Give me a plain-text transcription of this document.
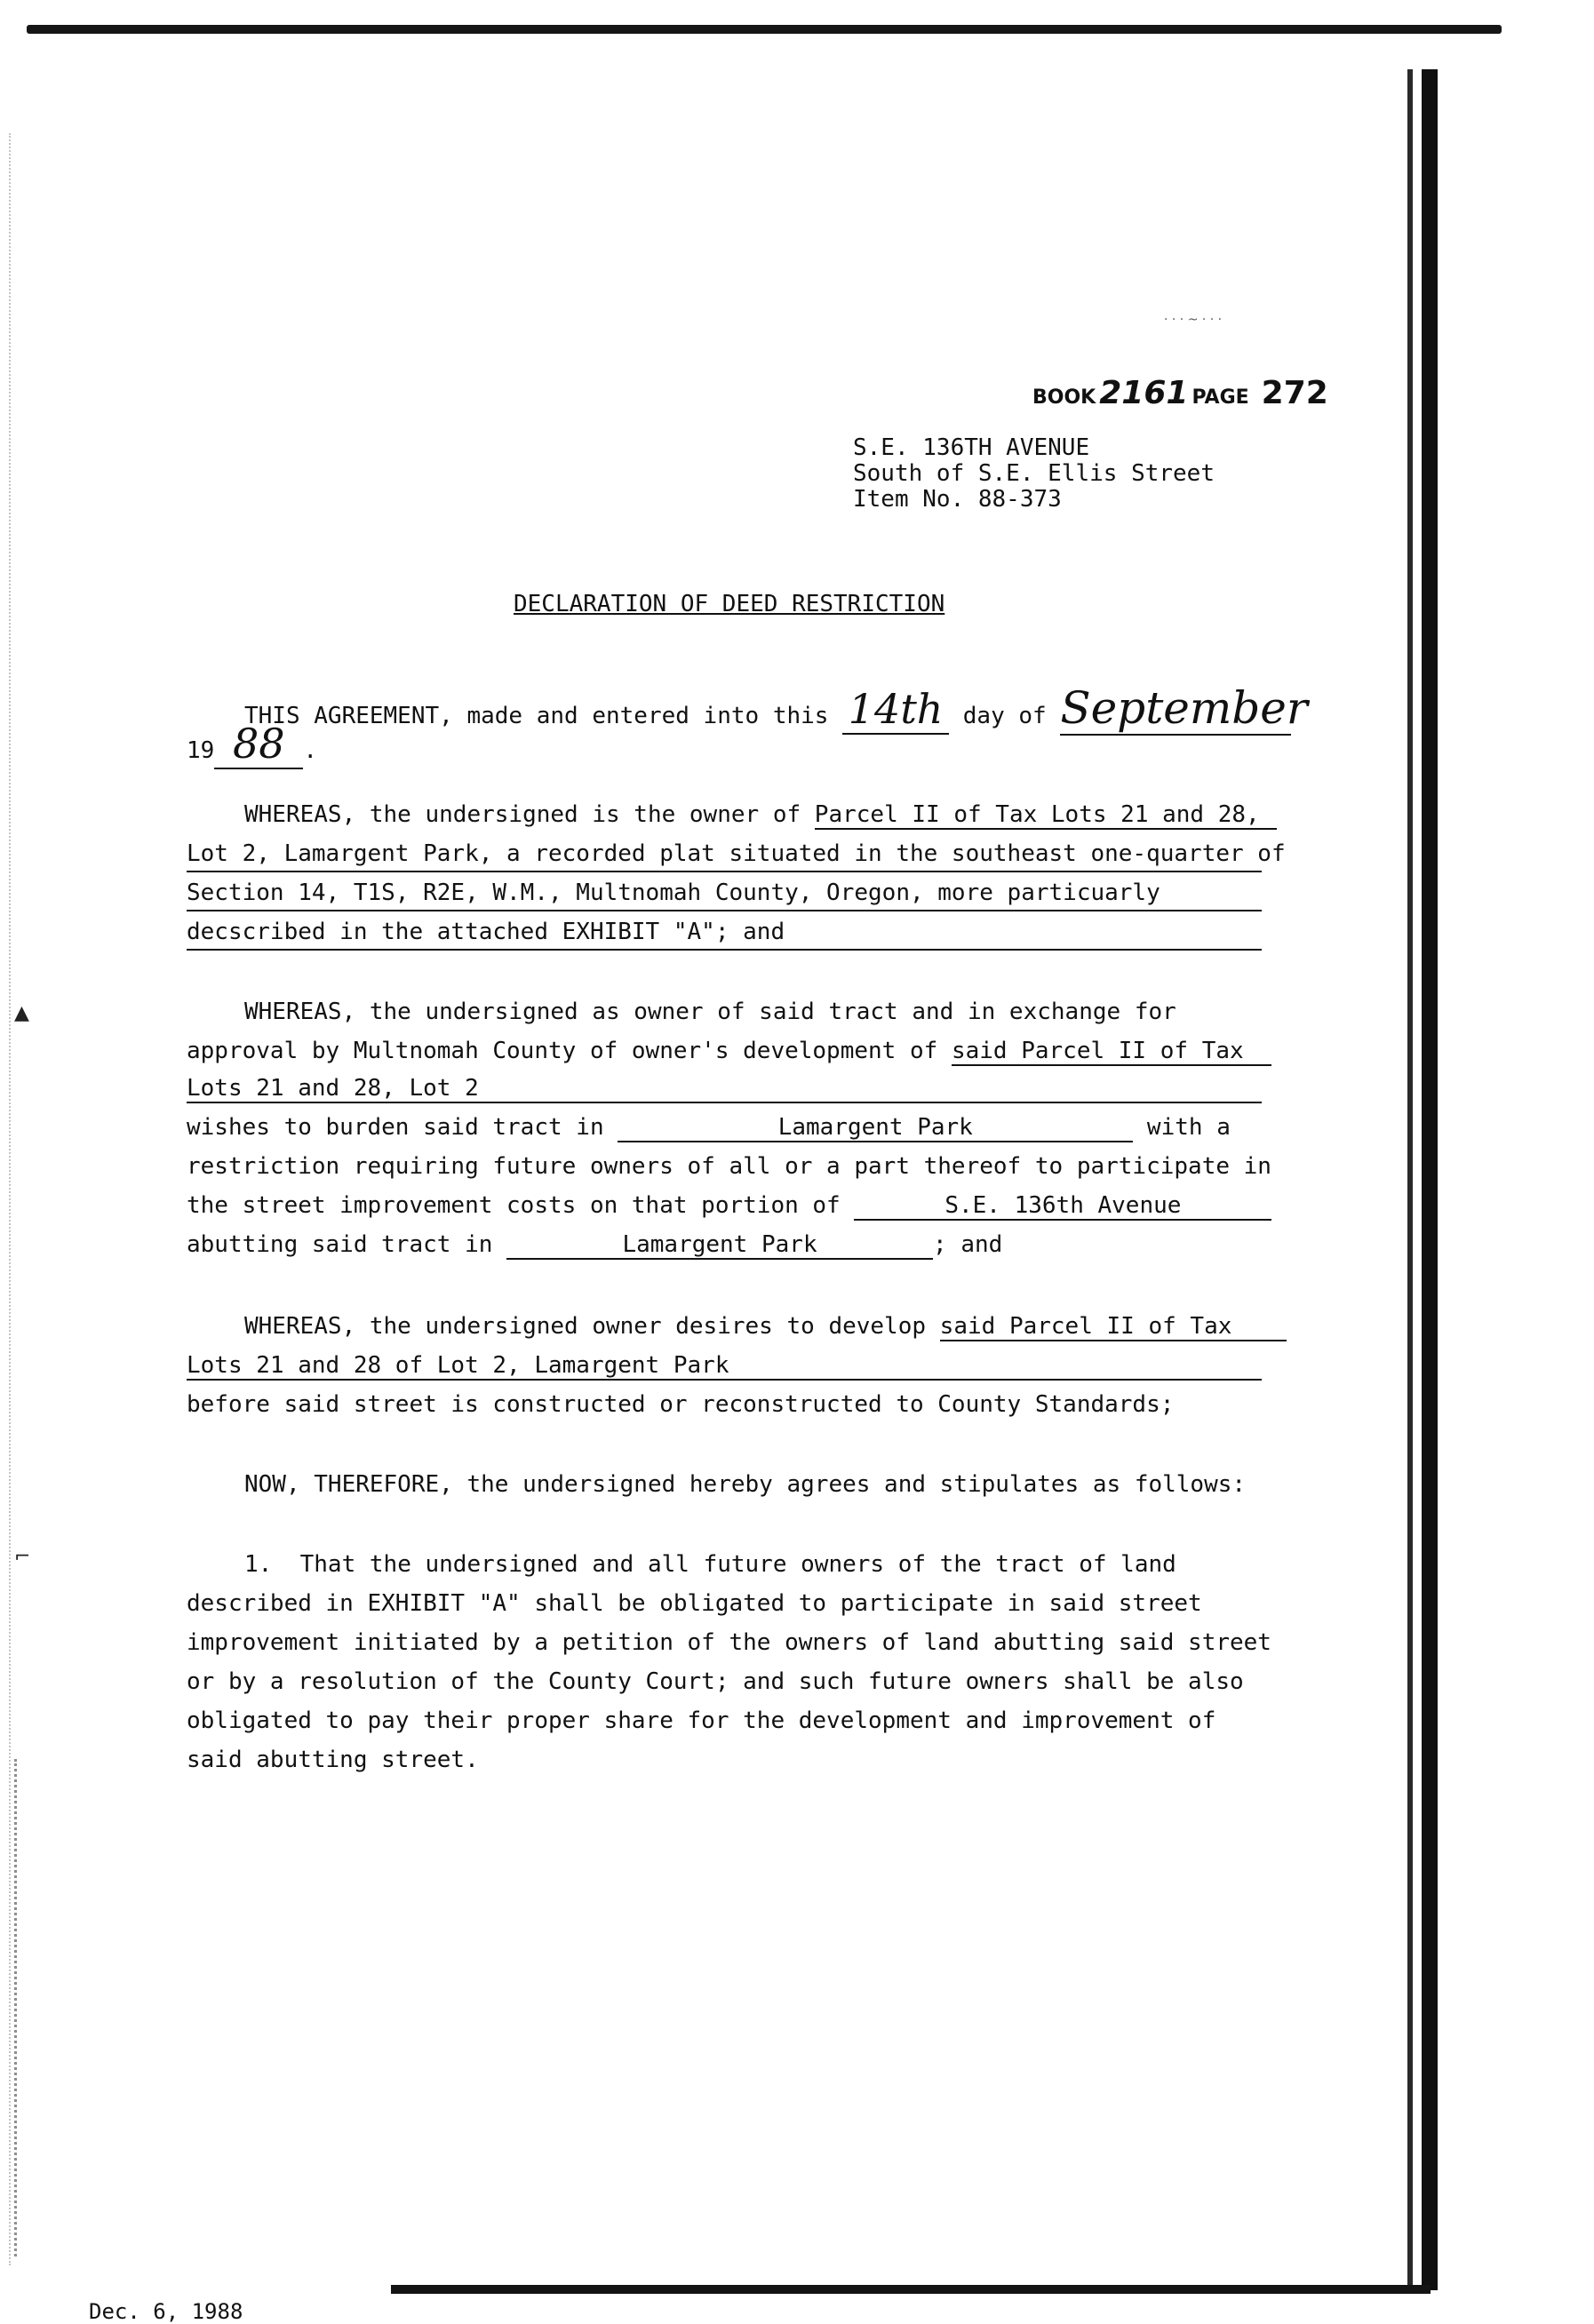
▲
⌐
· · · ~ · · ·
BOOK 2161 PAGE 272
S.E. 136TH AVENUE
South of S.E. Ellis Street
Item No. 88-373
DECLARATION OF DEED RESTRICTION
THIS AGREEMENT, made and entered into this 14th day of September
19 88 .
WHEREAS, the undersigned is the owner of Parcel II of Tax Lots 21 and 28,
Lot 2, Lamargent Park, a recorded plat situated in the southeast one-quarter of
Section 14, T1S, R2E, W.M., Multnomah County, Oregon, more particuarly
decscribed in the attached EXHIBIT "A"; and
WHEREAS, the undersigned as owner of said tract and in exchange for
approval by Multnomah County of owner's development of said Parcel II of Tax
Lots 21 and 28, Lot 2
wishes to burden said tract in	Lamargent Park	with a
restriction requiring future owners of all or a part thereof to participate in
the street improvement costs on that portion of	S.E. 136th Avenue
abutting said tract in	Lamargent Park	; and
WHEREAS, the undersigned owner desires to develop said Parcel II of Tax
Lots 21 and 28 of Lot 2, Lamargent Park
before said street is constructed or reconstructed to County Standards;
NOW, THEREFORE, the undersigned hereby agrees and stipulates as follows:
1. That the undersigned and all future owners of the tract of land
described in EXHIBIT "A" shall be obligated to participate in said street
improvement initiated by a petition of the owners of land abutting said street
or by a resolution of the County Court; and such future owners shall be also
obligated to pay their proper share for the development and improvement of
said abutting street.
Dec. 6, 1988
